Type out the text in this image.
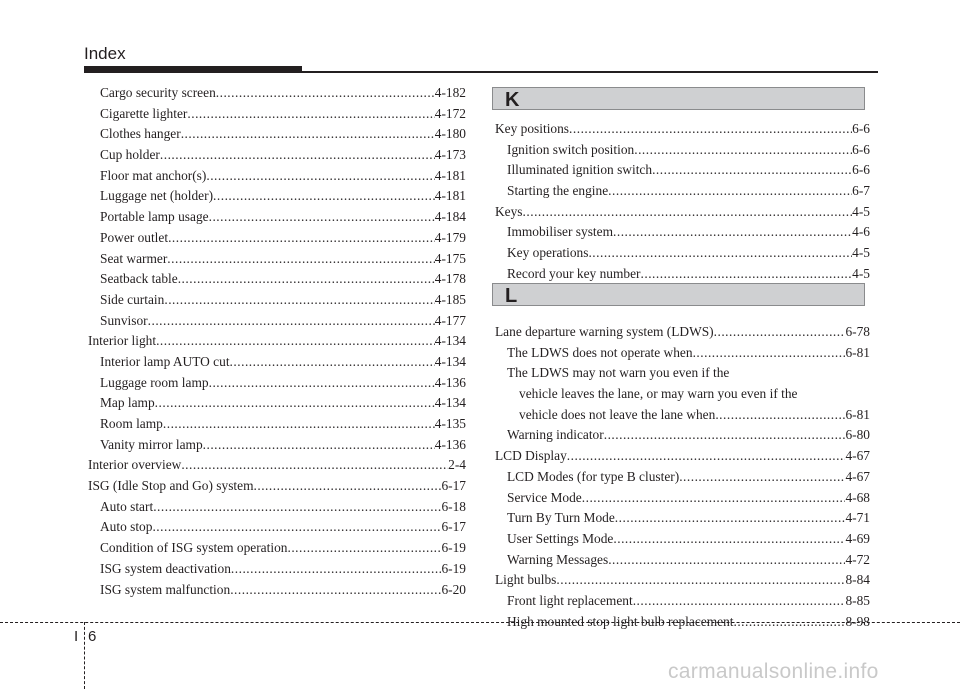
Index
Cargo security screen .....	4-182
Cigarette lighter .....	4-172
Clothes hanger .....	4-180
Cup holder .....	4-173
Floor mat anchor(s) .....	4-181
Luggage net (holder) .....	4-181
Portable lamp usage .....	4-184
Power outlet .....	4-179
Seat warmer .....	4-175
Seatback table .....	4-178
Side curtain .....	4-185
Sunvisor .....	4-177
Interior light .....	4-134
Interior lamp AUTO cut .....	4-134
Luggage room lamp .....	4-136
Map lamp .....	4-134
Room lamp .....	4-135
Vanity mirror lamp .....	4-136
Interior overview .....	2-4
ISG (Idle Stop and Go) system .....	6-17
Auto start .....	6-18
Auto stop .....	6-17
Condition of ISG system operation .....	6-19
ISG system deactivation .....	6-19
ISG system malfunction .....	6-20
K
Key positions .....	6-6
Ignition switch position .....	6-6
Illuminated ignition switch .....	6-6
Starting the engine .....	6-7
Keys .....	4-5
Immobiliser system .....	4-6
Key operations .....	4-5
Record your key number .....	4-5
L
Lane departure warning system (LDWS) .....	6-78
The LDWS does not operate when .....	6-81
The LDWS may not warn you even if the
vehicle leaves the lane, or may warn you even if the
vehicle does not leave the lane when .....	6-81
Warning indicator .....	6-80
LCD Display .....	4-67
LCD Modes (for type B cluster) .....	4-67
Service Mode .....	4-68
Turn By Turn Mode .....	4-71
User Settings Mode .....	4-69
Warning Messages .....	4-72
Light bulbs .....	8-84
Front light replacement .....	8-85
High mounted stop light bulb replacement .....	8-98
I 6
carmanualsonline.info
